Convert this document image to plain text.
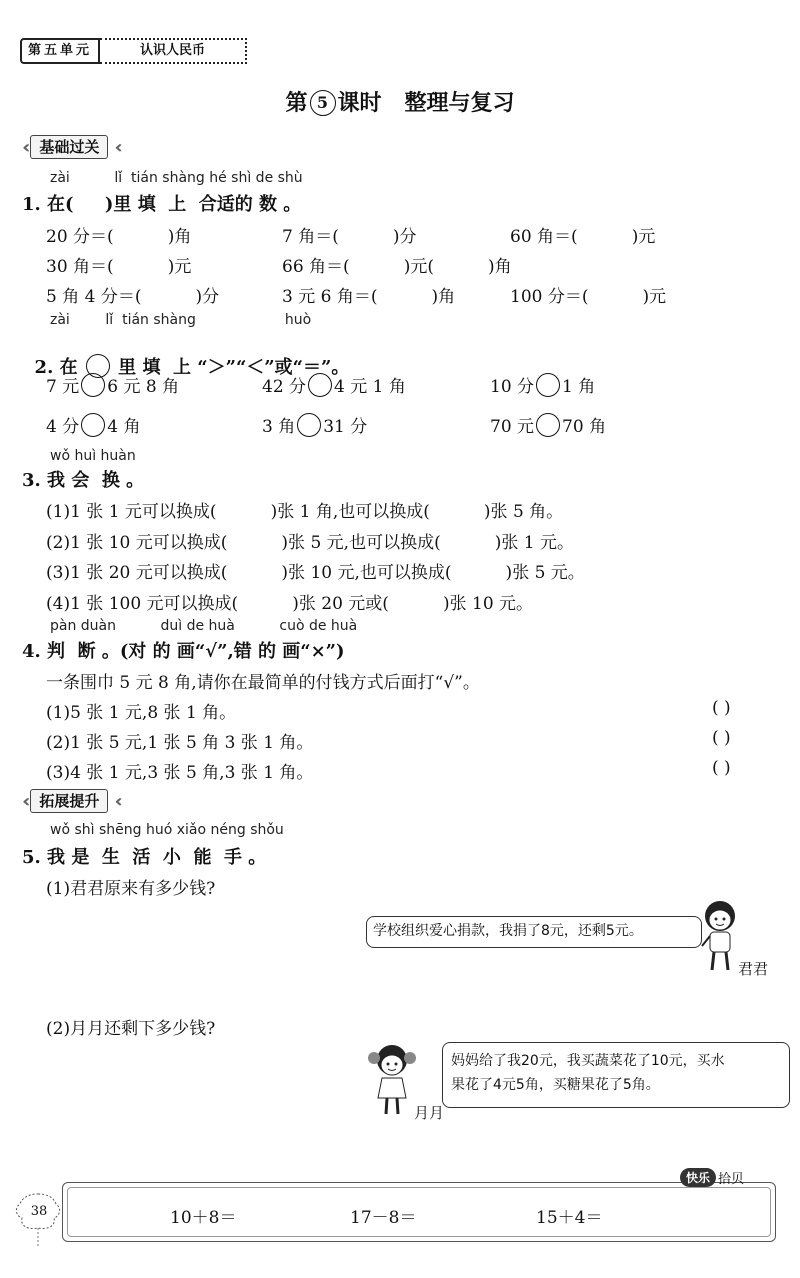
第五单元	认识人民币
第 5 课时 整理与复习
‹‹	基础过关 ‹‹
zài          lǐ  tián shàng hé shì de shù
1. 在(     )里 填  上  合适的 数 。
20 分＝(          )角	7 角＝(          )分	60 角＝(          )元
30 角＝(          )元	66 角＝(          )元(          )角
5 角 4 分＝(          )分	3 元 6 角＝(          )角	100 分＝(          )元
zài        lǐ  tián shàng                    huò

2. 在 里 填  上 “＞”“＜”或“＝”。

7 元 6 元 8 角	42 分 4 元 1 角	10 分 1 角
4 分 4 角	3 角 31 分	70 元 70 角
wǒ huì huàn
3. 我 会  换 。
(1)1 张 1 元可以换成(          )张 1 角,也可以换成(          )张 5 角。
(2)1 张 10 元可以换成(          )张 5 元,也可以换成(          )张 1 元。
(3)1 张 20 元可以换成(          )张 10 元,也可以换成(          )张 5 元。
(4)1 张 100 元可以换成(          )张 20 元或(          )张 10 元。
pàn duàn          duì de huà          cuò de huà
4. 判  断 。(对 的 画“√”,错 的 画“×”)
一条围巾 5 元 8 角,请你在最简单的付钱方式后面打“√”。
(1)5 张 1 元,8 张 1 角。	( )
(2)1 张 5 元,1 张 5 角 3 张 1 角。	( )
(3)4 张 1 元,3 张 5 角,3 张 1 角。	( )
‹‹	拓展提升 ‹‹
wǒ shì shēng huó xiǎo néng shǒu
5. 我 是  生  活  小  能  手 。
(1)君君原来有多少钱?
学校组织爱心捐款，我捐了8元，还剩5元。
君君
(2)月月还剩下多少钱?
月月
妈妈给了我20元，我买蔬菜花了10元，买水
果花了4元5角，买糖果花了5角。
38	10＋8＝	17－8＝	15＋4＝
快乐 拾贝
